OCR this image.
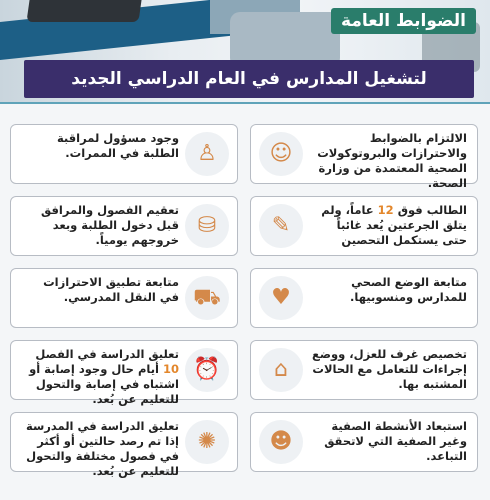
الضوابط العامة
لتشغيل المدارس في العام الدراسي الجديد
☺
الالتزام بالضوابط والاحترازات والبروتوكولات الصحية المعتمدة من وزارة الصحة.
♙
وجود مسؤول لمراقبة الطلبة في الممرات.
✎
الطالب فوق 12 عاماً، ولم يتلق الجرعتين يُعد غائباً حتى يستكمل التحصين
⛁
تعقيم الفصول والمرافق قبل دخول الطلبة وبعد خروجهم يومياً.
♥
متابعة الوضع الصحي للمدارس ومنسوبيها.
⛟
متابعة تطبيق الاحترازات في النقل المدرسي.
⌂
تخصيص غرف للعزل، ووضع إجراءات للتعامل مع الحالات المشتبه بها.
⏰
تعليق الدراسة في الفصل 10 أيام حال وجود إصابة أو اشتباه في إصابة والتحول للتعليم عن بُعد.
☻
استبعاد الأنشطة الصفية وغير الصفية التي لاتحقق التباعد.
✺
تعليق الدراسة في المدرسة إذا تم رصد حالتين أو أكثر في فصول مختلفة والتحول للتعليم عن بُعد.
